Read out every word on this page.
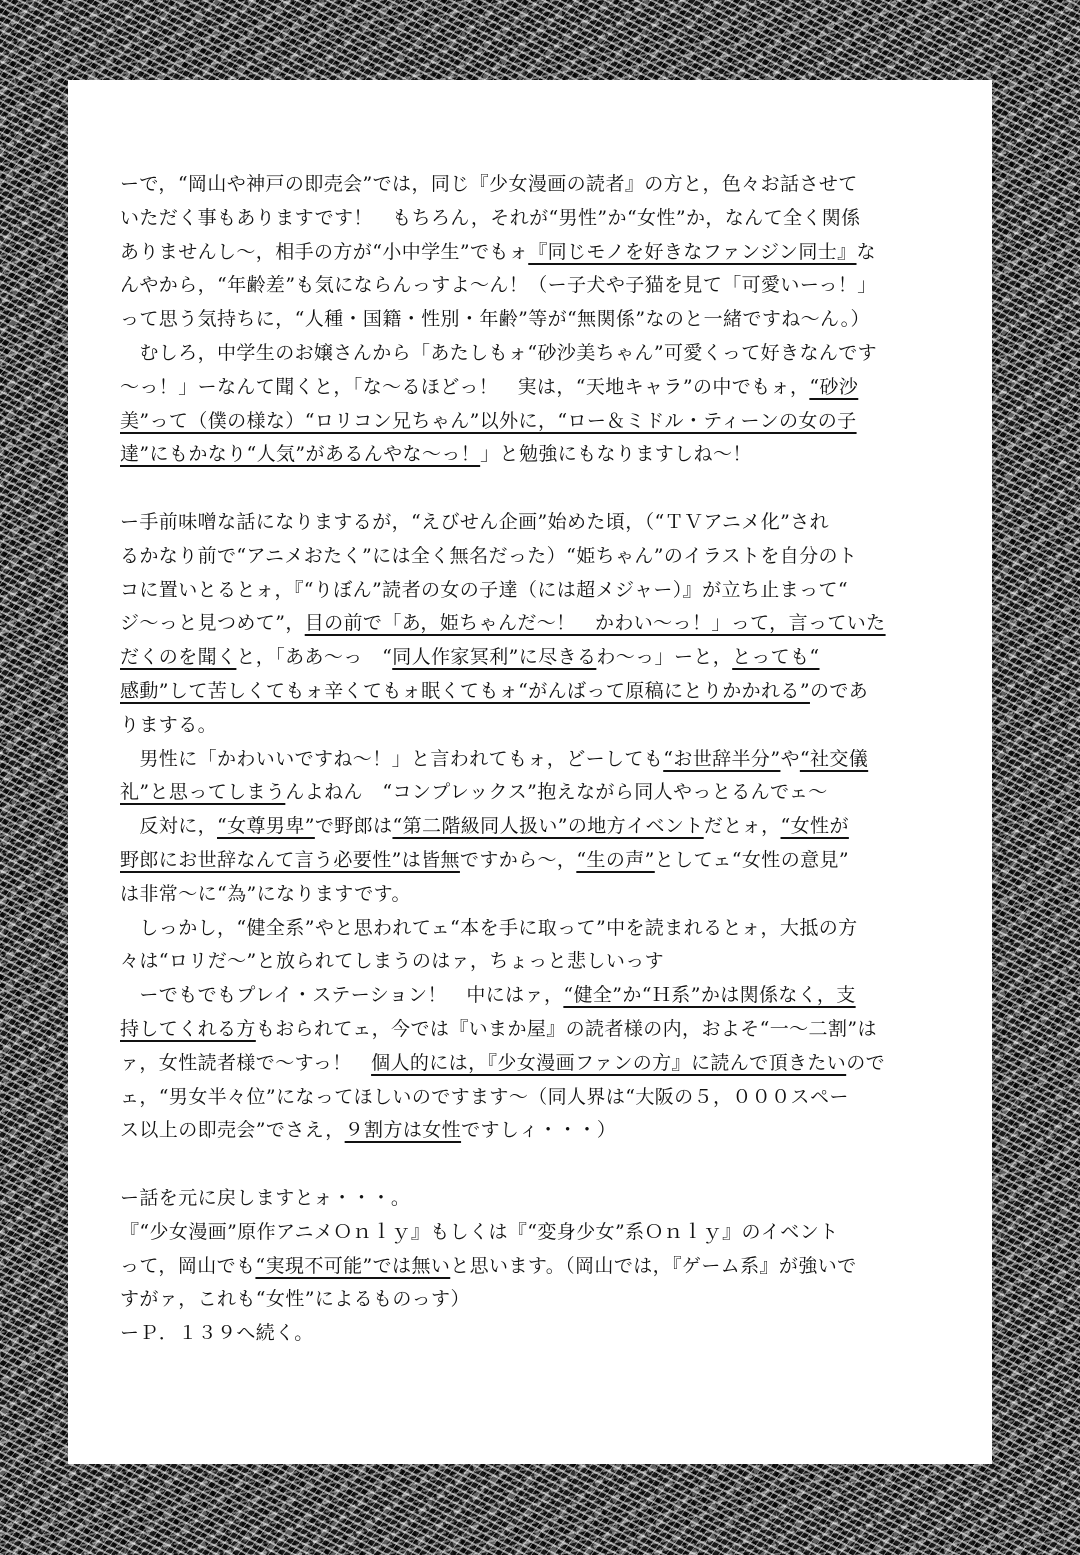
ーで，“岡山や神戸の即売会”では，同じ『少女漫画の読者』の方と，色々お話させて
いただく事もありますです！　もちろん，それが“男性”か“女性”か，なんて全く関係
ありませんし〜，相手の方が“小中学生”でもォ『同じモノを好きなファンジン同士』な
んやから，“年齢差”も気にならんっすよ〜ん！（ー子犬や子猫を見て「可愛いーっ！」
って思う気持ちに，“人種・国籍・性別・年齢”等が“無関係”なのと一緒ですね〜ん。）
　むしろ，中学生のお嬢さんから「あたしもォ“砂沙美ちゃん”可愛くって好きなんです
〜っ！」ーなんて聞くと，「な〜るほどっ！　実は，“天地キャラ”の中でもォ，“砂沙
美”って（僕の様な）“ロリコン兄ちゃん”以外に，“ロー＆ミドル・ティーンの女の子
達”にもかなり“人気”があるんやな〜っ！」と勉強にもなりますしね〜！
ー手前味噌な話になりまするが，“えびせん企画”始めた頃，（“ＴＶアニメ化”され
るかなり前で“アニメおたく”には全く無名だった）“姫ちゃん”のイラストを自分のト
コに置いとるとォ，『“りぼん”読者の女の子達（には超メジャー）』が立ち止まって“
ジ〜っと見つめて”，目の前で「あ，姫ちゃんだ〜！　かわい〜っ！」って，言っていた
だくのを聞くと，「ああ〜っ　“同人作家冥利”に尽きるわ〜っ」ーと，とっても“
感動”して苦しくてもォ辛くてもォ眠くてもォ“がんばって原稿にとりかかれる”のであ
りまする。
　男性に「かわいいですね〜！」と言われてもォ，どーしても“お世辞半分”や“社交儀
礼”と思ってしまうんよねん　“コンプレックス”抱えながら同人やっとるんでェ〜
　反対に，“女尊男卑”で野郎は“第二階級同人扱い”の地方イベントだとォ，“女性が
野郎にお世辞なんて言う必要性”は皆無ですから〜，“生の声”としてェ“女性の意見”
は非常〜に“為”になりますです。
　しっかし，“健全系”やと思われてェ“本を手に取って”中を読まれるとォ，大抵の方
々は“ロリだ〜”と放られてしまうのはァ，ちょっと悲しいっす
　ーでもでもプレイ・ステーション！　中にはァ，“健全”か“Ｈ系”かは関係なく，支
持してくれる方もおられてェ，今では『いまか屋』の読者様の内，およそ“一〜二割”は
ァ，女性読者様で〜すっ！　個人的には，『少女漫画ファンの方』に読んで頂きたいので
ェ，“男女半々位”になってほしいのですます〜（同人界は“大阪の５，０００スペー
ス以上の即売会”でさえ，９割方は女性ですしィ・・・）
ー話を元に戻しますとォ・・・。
『“少女漫画”原作アニメＯｎｌｙ』もしくは『“変身少女”系Ｏｎｌｙ』のイベント
って，岡山でも“実現不可能”では無いと思います。（岡山では，『ゲーム系』が強いで
すがァ，これも“女性”によるものっす）
ーＰ．１３９へ続く。
